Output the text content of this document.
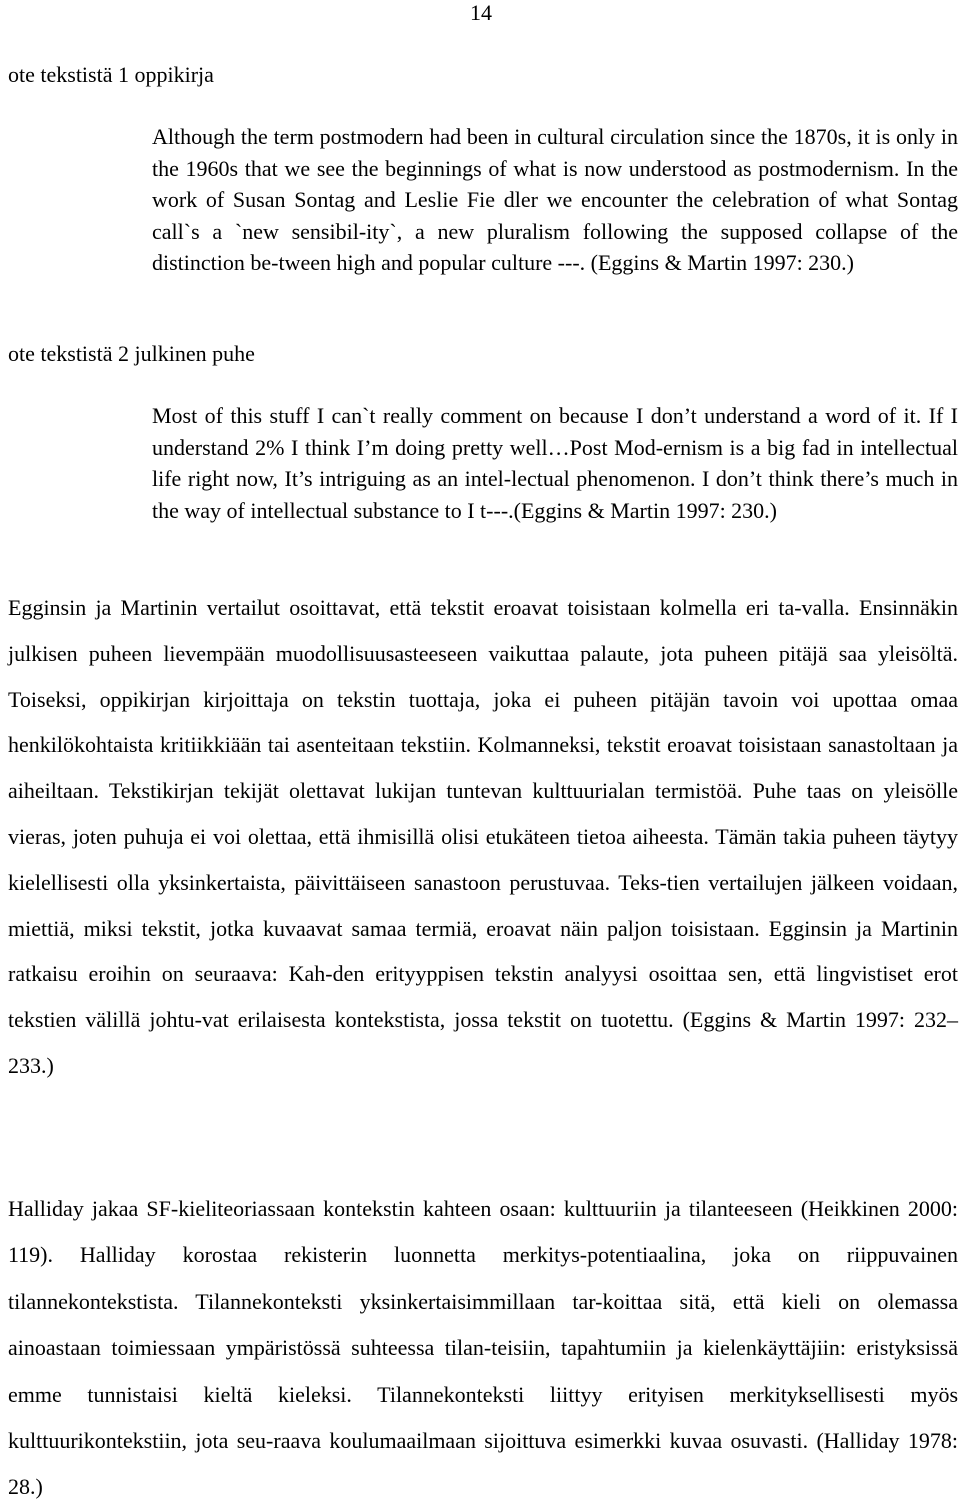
14
ote tekstistä 1 oppikirja
Although the term postmodern had been in cultural circulation since the 1870s, it is only in the 1960s that we see the beginnings of what is now understood as postmodernism. In the work of Susan Sontag and Leslie Fie dler we encounter the celebration of what Sontag call`s a `new sensibil-ity`, a new pluralism following the supposed collapse of the distinction be-tween high and popular culture ---. (Eggins & Martin 1997: 230.)
ote tekstistä 2 julkinen puhe
Most of this stuff I can`t really comment on because I don’t understand a word of it. If I understand 2% I think I’m doing pretty well…Post Mod-ernism is a big fad in intellectual life right now, It’s intriguing as an intel-lectual phenomenon. I don’t think there’s much in the way of intellectual substance to I t---.(Eggins & Martin 1997: 230.)
Egginsin ja Martinin vertailut osoittavat, että tekstit eroavat toisistaan kolmella eri ta-valla. Ensinnäkin julkisen puheen lievempään muodollisuusasteeseen vaikuttaa palaute, jota puheen pitäjä saa yleisöltä. Toiseksi, oppikirjan kirjoittaja on tekstin tuottaja, joka ei puheen pitäjän tavoin voi upottaa omaa henkilökohtaista kritiikkiään tai asenteitaan tekstiin. Kolmanneksi, tekstit eroavat toisistaan sanastoltaan ja aiheiltaan. Tekstikirjan tekijät olettavat lukijan tuntevan kulttuurialan termistöä. Puhe taas on yleisölle vieras, joten puhuja ei voi olettaa, että ihmisillä olisi etukäteen tietoa aiheesta. Tämän takia puheen täytyy kielellisesti olla yksinkertaista, päivittäiseen sanastoon perustuvaa. Teks-tien vertailujen jälkeen voidaan, miettiä, miksi tekstit, jotka kuvaavat samaa termiä, eroavat näin paljon toisistaan. Egginsin ja Martinin ratkaisu eroihin on seuraava: Kah-den erityyppisen tekstin analyysi osoittaa sen, että lingvistiset erot tekstien välillä johtu-vat erilaisesta kontekstista, jossa tekstit on tuotettu. (Eggins & Martin 1997: 232–233.)
Halliday jakaa SF-kieliteoriassaan kontekstin kahteen osaan: kulttuuriin ja tilanteeseen (Heikkinen 2000: 119). Halliday korostaa rekisterin luonnetta merkitys-potentiaalina, joka on riippuvainen tilannekontekstista. Tilannekonteksti yksinkertaisimmillaan tar-koittaa sitä, että kieli on olemassa ainoastaan toimiessaan ympäristössä suhteessa tilan-teisiin, tapahtumiin ja kielenkäyttäjiin: eristyksissä emme tunnistaisi kieltä kieleksi. Tilannekonteksti liittyy erityisen merkityksellisesti myös kulttuurikontekstiin, jota seu-raava koulumaailmaan sijoittuva esimerkki kuvaa osuvasti. (Halliday 1978: 28.)
